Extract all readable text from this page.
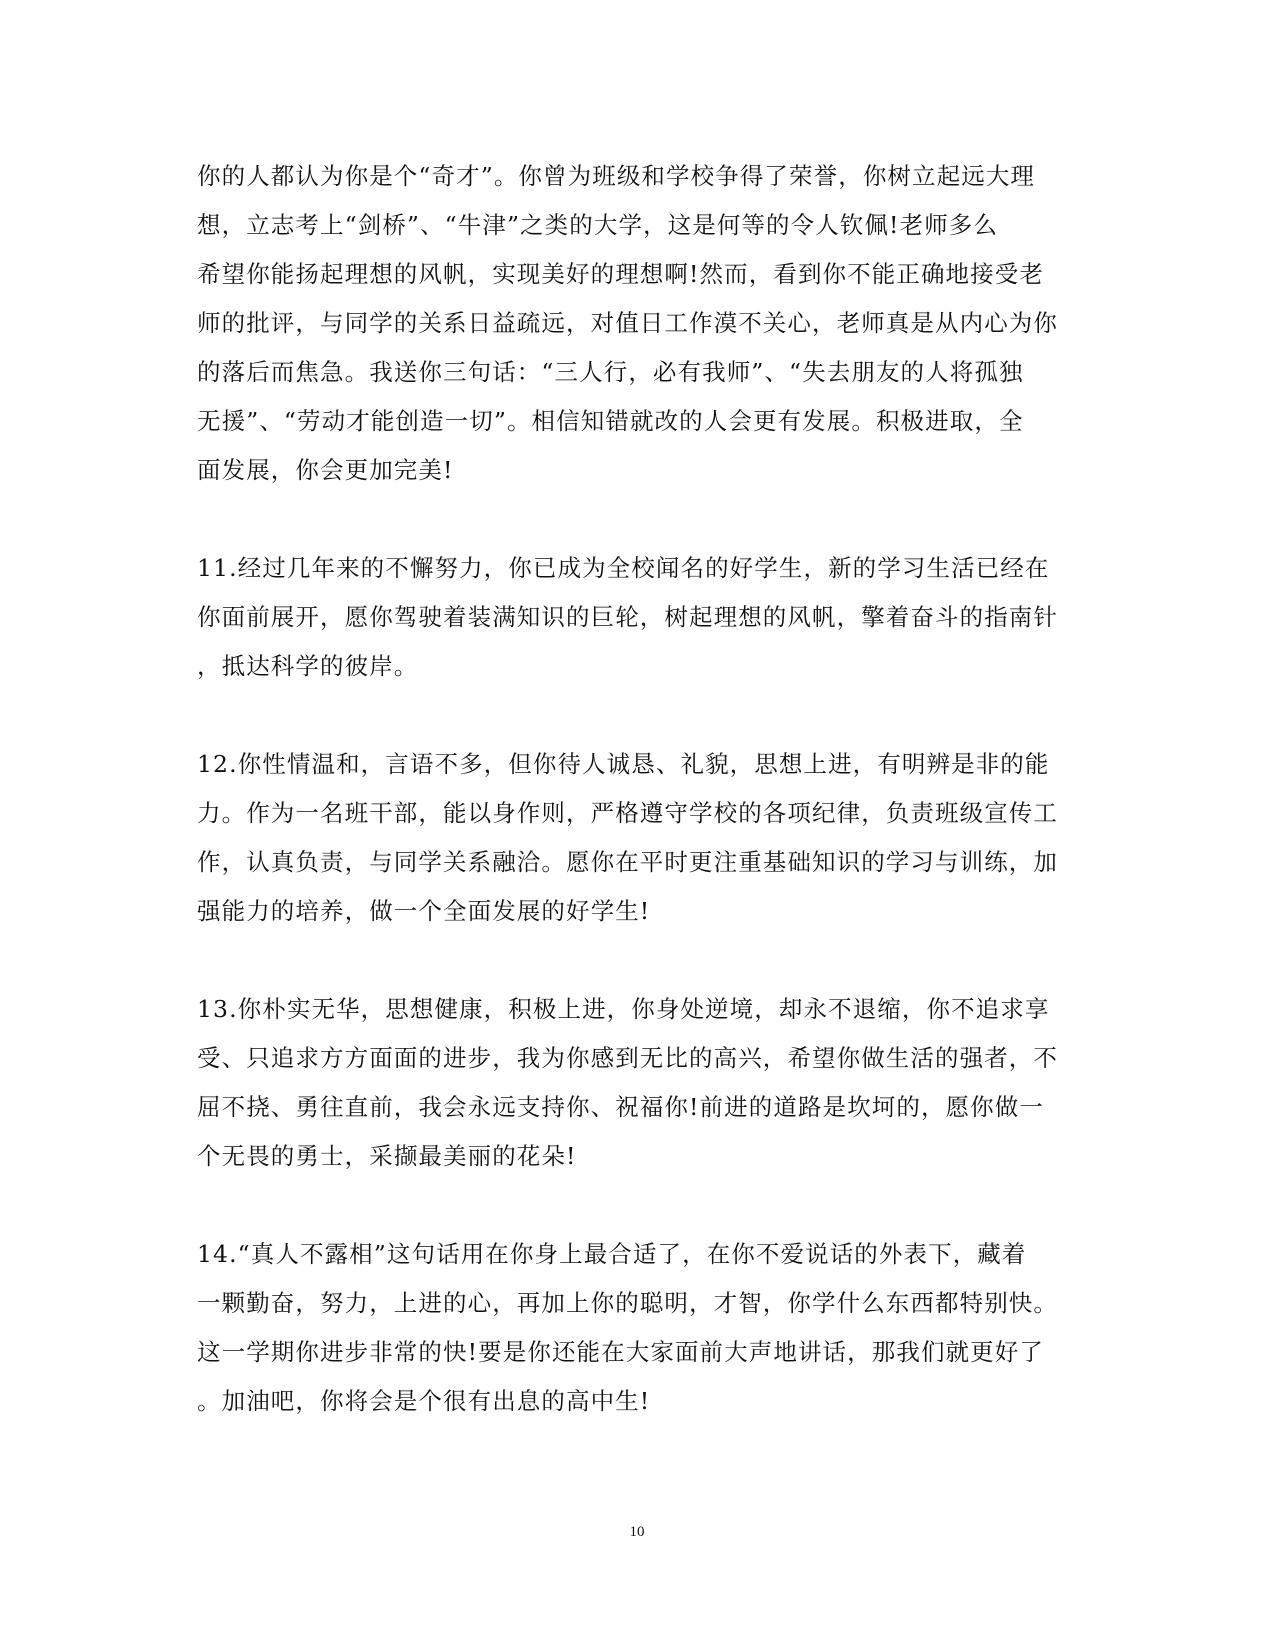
你的人都认为你是个“奇才”。你曾为班级和学校争得了荣誉，你树立起远大理
想，立志考上“剑桥”、“牛津”之类的大学，这是何等的令人钦佩!老师多么
希望你能扬起理想的风帆，实现美好的理想啊!然而，看到你不能正确地接受老
师的批评，与同学的关系日益疏远，对值日工作漠不关心，老师真是从内心为你
的落后而焦急。我送你三句话：“三人行，必有我师”、“失去朋友的人将孤独
无援”、“劳动才能创造一切”。相信知错就改的人会更有发展。积极进取，全
面发展，你会更加完美!
11.经过几年来的不懈努力，你已成为全校闻名的好学生，新的学习生活已经在
你面前展开，愿你驾驶着装满知识的巨轮，树起理想的风帆，擎着奋斗的指南针
，抵达科学的彼岸。
12.你性情温和，言语不多，但你待人诚恳、礼貌，思想上进，有明辨是非的能
力。作为一名班干部，能以身作则，严格遵守学校的各项纪律，负责班级宣传工
作，认真负责，与同学关系融洽。愿你在平时更注重基础知识的学习与训练，加
强能力的培养，做一个全面发展的好学生!
13.你朴实无华，思想健康，积极上进，你身处逆境，却永不退缩，你不追求享
受、只追求方方面面的进步，我为你感到无比的高兴，希望你做生活的强者，不
屈不挠、勇往直前，我会永远支持你、祝福你!前进的道路是坎坷的，愿你做一
个无畏的勇士，采撷最美丽的花朵!
14.“真人不露相”这句话用在你身上最合适了，在你不爱说话的外表下，藏着
一颗勤奋，努力，上进的心，再加上你的聪明，才智，你学什么东西都特别快。
这一学期你进步非常的快!要是你还能在大家面前大声地讲话，那我们就更好了
。加油吧，你将会是个很有出息的高中生!
10
